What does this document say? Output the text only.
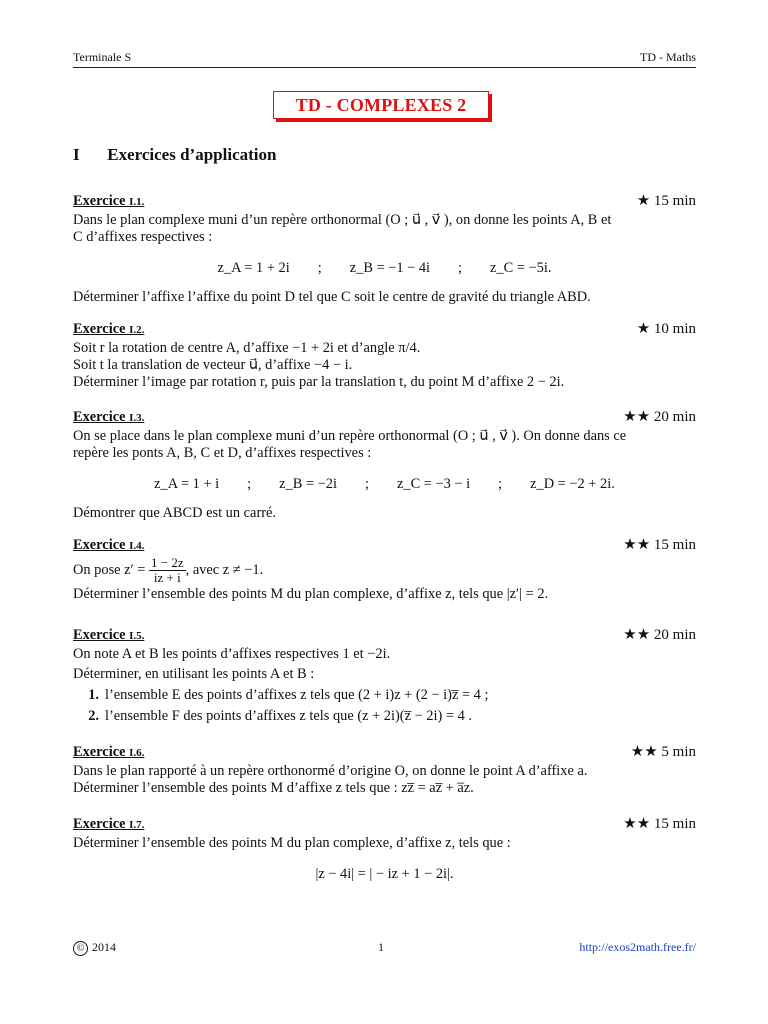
Terminale S	TD - Maths
TD - COMPLEXES 2
I Exercices d’application
Exercice I.1.	★ 15 min
Dans le plan complexe muni d’un repère orthonormal (O ; u⃗ , v⃗ ), on donne les points A, B et
C d’affixes respectives :
z_A = 1 + 2i ; z_B = −1 − 4i ; z_C = −5i.
Déterminer l’affixe l’affixe du point D tel que C soit le centre de gravité du triangle ABD.
Exercice I.2.	★ 10 min
Soit r la rotation de centre A, d’affixe −1 + 2i et d’angle π/4.
Soit t la translation de vecteur u⃗, d’affixe −4 − i.
Déterminer l’image par rotation r, puis par la translation t, du point M d’affixe 2 − 2i.
Exercice I.3.	★★ 20 min
On se place dans le plan complexe muni d’un repère orthonormal (O ; u⃗ , v⃗ ). On donne dans ce
repère les ponts A, B, C et D, d’affixes respectives :
z_A = 1 + i ; z_B = −2i ; z_C = −3 − i ; z_D = −2 + 2i.
Démontrer que ABCD est un carré.
Exercice I.4.	★★ 15 min
On pose $z' = \frac{1 - 2z}{iz + i}$ , avec z ≠ −1.
Déterminer l’ensemble des points M du plan complexe, d’affixe z, tels que |z′| = 2.
Exercice I.5.	★★ 20 min
On note A et B les points d’affixes respectives 1 et −2i.
Déterminer, en utilisant les points A et B :
1. l’ensemble E des points d’affixes z tels que (2 + i)z + (2 − i)z̅ = 4 ;
2. l’ensemble F des points d’affixes z tels que (z + 2i)(z̅ − 2i) = 4 .
Exercice I.6.	★★ 5 min
Dans le plan rapporté à un repère orthonormé d’origine O, on donne le point A d’affixe a.
Déterminer l’ensemble des points M d’affixe z tels que : zz̅ = az̅ + a̅z.
Exercice I.7.	★★ 15 min
Déterminer l’ensemble des points M du plan complexe, d’affixe z, tels que :
|z − 4i| = | − iz + 1 − 2i|.
© 2014	1	http://exos2math.free.fr/
